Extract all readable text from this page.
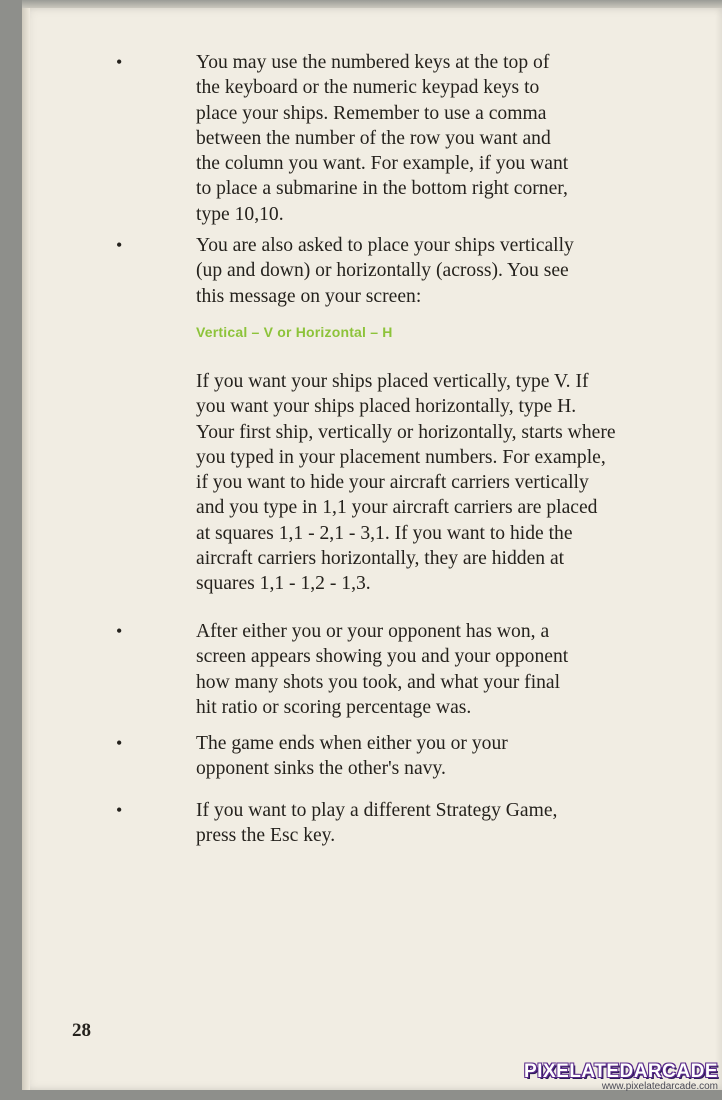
•	You may use the numbered keys at the top of the keyboard or the numeric keypad keys to place your ships. Remember to use a comma between the number of the row you want and the column you want. For example, if you want to place a submarine in the bottom right corner, type 10,10.
•	You are also asked to place your ships vertically (up and down) or horizontally (across). You see this message on your screen:
Vertical – V or Horizontal – H
If you want your ships placed vertically, type V. If you want your ships placed horizontally, type H. Your first ship, vertically or horizontally, starts where you typed in your placement numbers. For example, if you want to hide your aircraft carriers vertically and you type in 1,1 your aircraft carriers are placed at squares 1,1 - 2,1 - 3,1. If you want to hide the aircraft carriers horizontally, they are hidden at squares 1,1 - 1,2 - 1,3.
•	After either you or your opponent has won, a screen appears showing you and your opponent how many shots you took, and what your final hit ratio or scoring percentage was.
•	The game ends when either you or your opponent sinks the other's navy.
•	If you want to play a different Strategy Game, press the Esc key.
28
PIXELATEDARCADE
www.pixelatedarcade.com
